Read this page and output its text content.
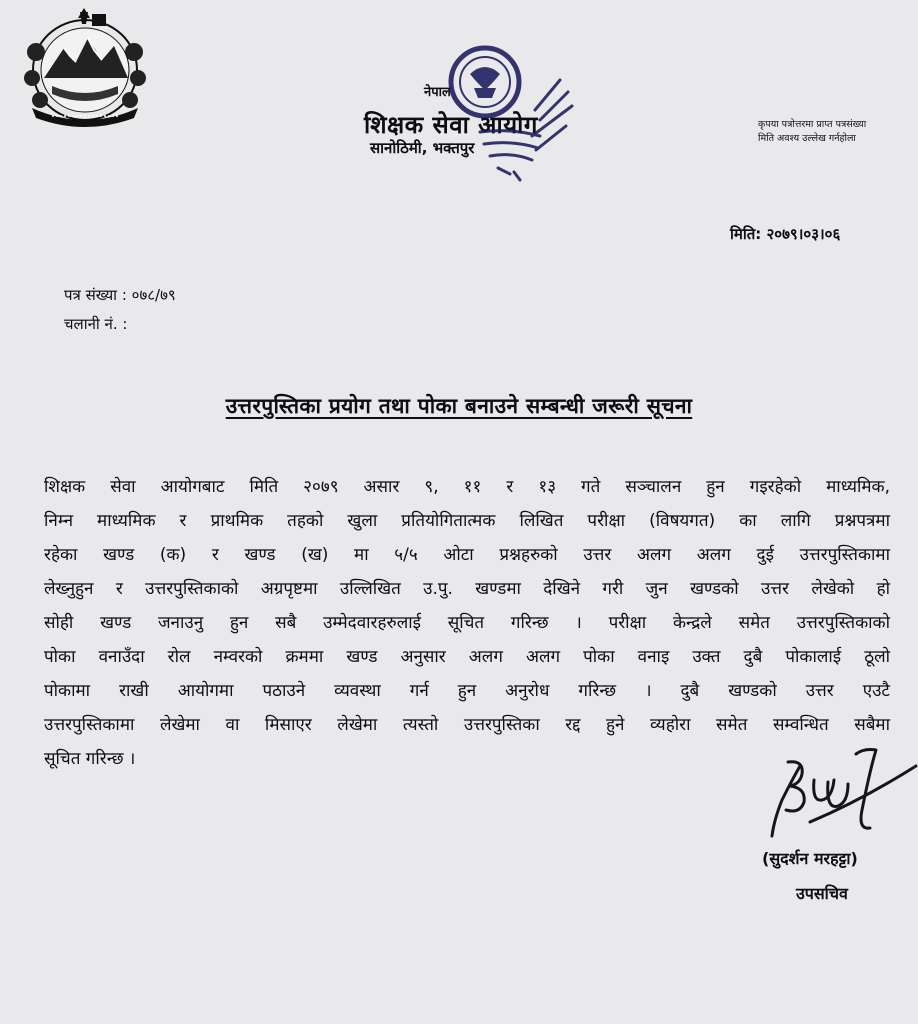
नेपाल
शिक्षक सेवा आयोग
सानोठिमी, भक्तपुर
कृपया पत्रोत्तरमा प्राप्त पत्रसंख्या
मिति अवश्य उल्लेख गर्नहोला
मिति: २०७९।०३।०६
पत्र संख्या : ०७८/७९
चलानी नं. :
उत्तरपुस्तिका प्रयोग तथा पोका बनाउने सम्बन्धी जरूरी सूचना
शिक्षक सेवा आयोगबाट मिति २०७९ असार ९, ११ र १३ गते सञ्चालन हुन गइरहेको माध्यमिक,
निम्न माध्यमिक र प्राथमिक तहको खुला प्रतियोगितात्मक लिखित परीक्षा (विषयगत) का लागि प्रश्नपत्रमा
रहेका खण्ड (क) र खण्ड (ख) मा ५/५ ओटा प्रश्नहरुको उत्तर अलग अलग दुई उत्तरपुस्तिकामा
लेख्नुहुन र उत्तरपुस्तिकाको अग्रपृष्टमा उल्लिखित उ.पु. खण्डमा देखिने गरी जुन खण्डको उत्तर लेखेको हो
सोही खण्ड जनाउनु हुन सबै उम्मेदवारहरुलाई सूचित गरिन्छ । परीक्षा केन्द्रले समेत उत्तरपुस्तिकाको
पोका वनाउँदा रोल नम्वरको क्रममा खण्ड अनुसार अलग अलग पोका वनाइ उक्त दुबै पोकालाई ठूलो
पोकामा राखी आयोगमा पठाउने व्यवस्था गर्न हुन अनुरोध गरिन्छ । दुबै खण्डको उत्तर एउटै
उत्तरपुस्तिकामा लेखेमा वा मिसाएर लेखेमा त्यस्तो उत्तरपुस्तिका रद्द हुने व्यहोरा समेत सम्वन्धित सबैमा
सूचित गरिन्छ ।
(सुदर्शन मरहट्टा)
उपसचिव
